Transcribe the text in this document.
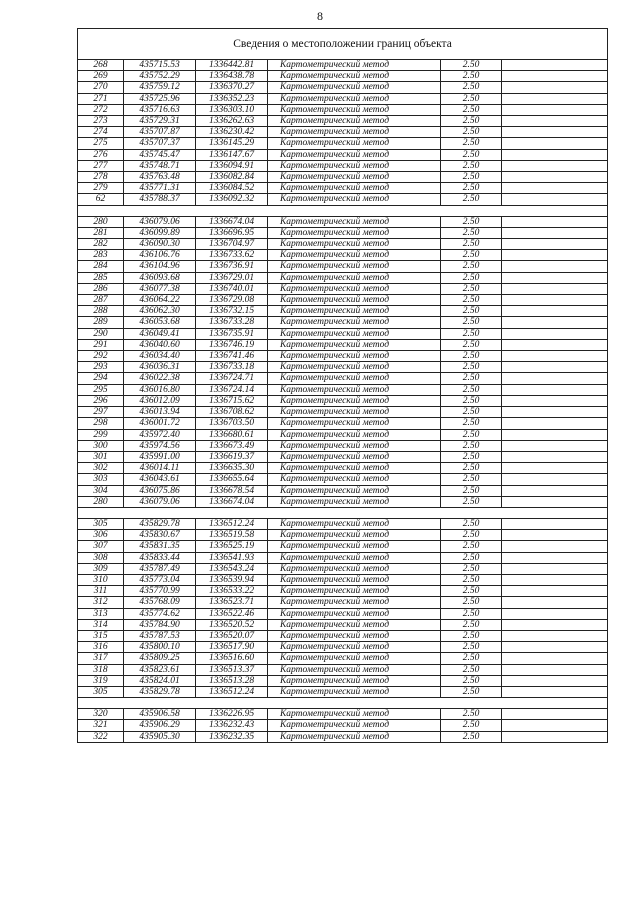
8
Сведения о местоположении границ объекта					
268	435715.53	1336442.81	Картометрический метод	2.50	
269	435752.29	1336438.78	Картометрический метод	2.50	
270	435759.12	1336370.27	Картометрический метод	2.50	
271	435725.96	1336352.23	Картометрический метод	2.50	
272	435716.63	1336303.10	Картометрический метод	2.50	
273	435729.31	1336262.63	Картометрический метод	2.50	
274	435707.87	1336230.42	Картометрический метод	2.50	
275	435707.37	1336145.29	Картометрический метод	2.50	
276	435745.47	1336147.67	Картометрический метод	2.50	
277	435748.71	1336094.91	Картометрический метод	2.50	
278	435763.48	1336082.84	Картометрический метод	2.50	
279	435771.31	1336084.52	Картометрический метод	2.50	
62	435788.37	1336092.32	Картометрический метод	2.50	

280	436079.06	1336674.04	Картометрический метод	2.50	
281	436099.89	1336696.95	Картометрический метод	2.50	
282	436090.30	1336704.97	Картометрический метод	2.50	
283	436106.76	1336733.62	Картометрический метод	2.50	
284	436104.96	1336736.91	Картометрический метод	2.50	
285	436093.68	1336729.01	Картометрический метод	2.50	
286	436077.38	1336740.01	Картометрический метод	2.50	
287	436064.22	1336729.08	Картометрический метод	2.50	
288	436062.30	1336732.15	Картометрический метод	2.50	
289	436053.68	1336733.28	Картометрический метод	2.50	
290	436049.41	1336735.91	Картометрический метод	2.50	
291	436040.60	1336746.19	Картометрический метод	2.50	
292	436034.40	1336741.46	Картометрический метод	2.50	
293	436036.31	1336733.18	Картометрический метод	2.50	
294	436022.38	1336724.71	Картометрический метод	2.50	
295	436016.80	1336724.14	Картометрический метод	2.50	
296	436012.09	1336715.62	Картометрический метод	2.50	
297	436013.94	1336708.62	Картометрический метод	2.50	
298	436001.72	1336703.50	Картометрический метод	2.50	
299	435972.40	1336680.61	Картометрический метод	2.50	
300	435974.56	1336673.49	Картометрический метод	2.50	
301	435991.00	1336619.37	Картометрический метод	2.50	
302	436014.11	1336635.30	Картометрический метод	2.50	
303	436043.61	1336655.64	Картометрический метод	2.50	
304	436075.86	1336678.54	Картометрический метод	2.50	
280	436079.06	1336674.04	Картометрический метод	2.50	

305	435829.78	1336512.24	Картометрический метод	2.50	
306	435830.67	1336519.58	Картометрический метод	2.50	
307	435831.35	1336525.19	Картометрический метод	2.50	
308	435833.44	1336541.93	Картометрический метод	2.50	
309	435787.49	1336543.24	Картометрический метод	2.50	
310	435773.04	1336539.94	Картометрический метод	2.50	
311	435770.99	1336533.22	Картометрический метод	2.50	
312	435768.09	1336523.71	Картометрический метод	2.50	
313	435774.62	1336522.46	Картометрический метод	2.50	
314	435784.90	1336520.52	Картометрический метод	2.50	
315	435787.53	1336520.07	Картометрический метод	2.50	
316	435800.10	1336517.90	Картометрический метод	2.50	
317	435809.25	1336516.60	Картометрический метод	2.50	
318	435823.61	1336513.37	Картометрический метод	2.50	
319	435824.01	1336513.28	Картометрический метод	2.50	
305	435829.78	1336512.24	Картометрический метод	2.50	

320	435906.58	1336226.95	Картометрический метод	2.50	
321	435906.29	1336232.43	Картометрический метод	2.50	
322	435905.30	1336232.35	Картометрический метод	2.50	
